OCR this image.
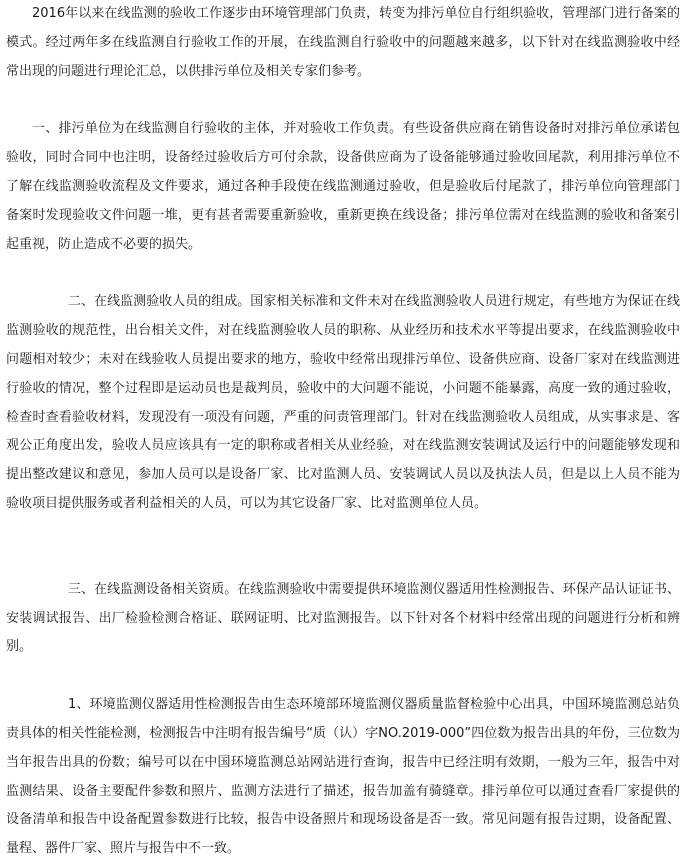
2016年以来在线监测的验收工作逐步由环境管理部门负责，转变为排污单位自行组织验收，管理部门进行备案的模式。经过两年多在线监测自行验收工作的开展，在线监测自行验收中的问题越来越多，以下针对在线监测验收中经常出现的问题进行理论汇总，以供排污单位及相关专家们参考。

一、排污单位为在线监测自行验收的主体，并对验收工作负责。有些设备供应商在销售设备时对排污单位承诺包验收，同时合同中也注明，设备经过验收后方可付余款，设备供应商为了设备能够通过验收回尾款，利用排污单位不了解在线监测验收流程及文件要求，通过各种手段使在线监测通过验收，但是验收后付尾款了，排污单位向管理部门备案时发现验收文件问题一堆，更有甚者需要重新验收，重新更换在线设备；排污单位需对在线监测的验收和备案引起重视，防止造成不必要的损失。

二、在线监测验收人员的组成。国家相关标准和文件未对在线监测验收人员进行规定，有些地方为保证在线监测验收的规范性，出台相关文件，对在线监测验收人员的职称、从业经历和技术水平等提出要求，在线监测验收中问题相对较少；未对在线验收人员提出要求的地方，验收中经常出现排污单位、设备供应商、设备厂家对在线监测进行验收的情况，整个过程即是运动员也是裁判员，验收中的大问题不能说，小问题不能暴露，高度一致的通过验收，检查时查看验收材料，发现没有一项没有问题，严重的问责管理部门。针对在线监测验收人员组成，从实事求是、客观公正角度出发，验收人员应该具有一定的职称或者相关从业经验，对在线监测安装调试及运行中的问题能够发现和提出整改建议和意见，参加人员可以是设备厂家、比对监测人员、安装调试人员以及执法人员，但是以上人员不能为验收项目提供服务或者利益相关的人员，可以为其它设备厂家、比对监测单位人员。

三、在线监测设备相关资质。在线监测验收中需要提供环境监测仪器适用性检测报告、环保产品认证证书、安装调试报告、出厂检验检测合格证、联网证明、比对监测报告。以下针对各个材料中经常出现的问题进行分析和辨别。

1、环境监测仪器适用性检测报告由生态环境部环境监测仪器质量监督检验中心出具，中国环境监测总站负责具体的相关性能检测，检测报告中注明有报告编号“质（认）字NO.2019-000”四位数为报告出具的年份，三位数为当年报告出具的份数；编号可以在中国环境监测总站网站进行查询，报告中已经注明有效期，一般为三年，报告中对监测结果、设备主要配件参数和照片、监测方法进行了描述，报告加盖有骑缝章。排污单位可以通过查看厂家提供的设备清单和报告中设备配置参数进行比较，报告中设备照片和现场设备是否一致。常见问题有报告过期，设备配置、量程、器件厂家、照片与报告中不一致。
